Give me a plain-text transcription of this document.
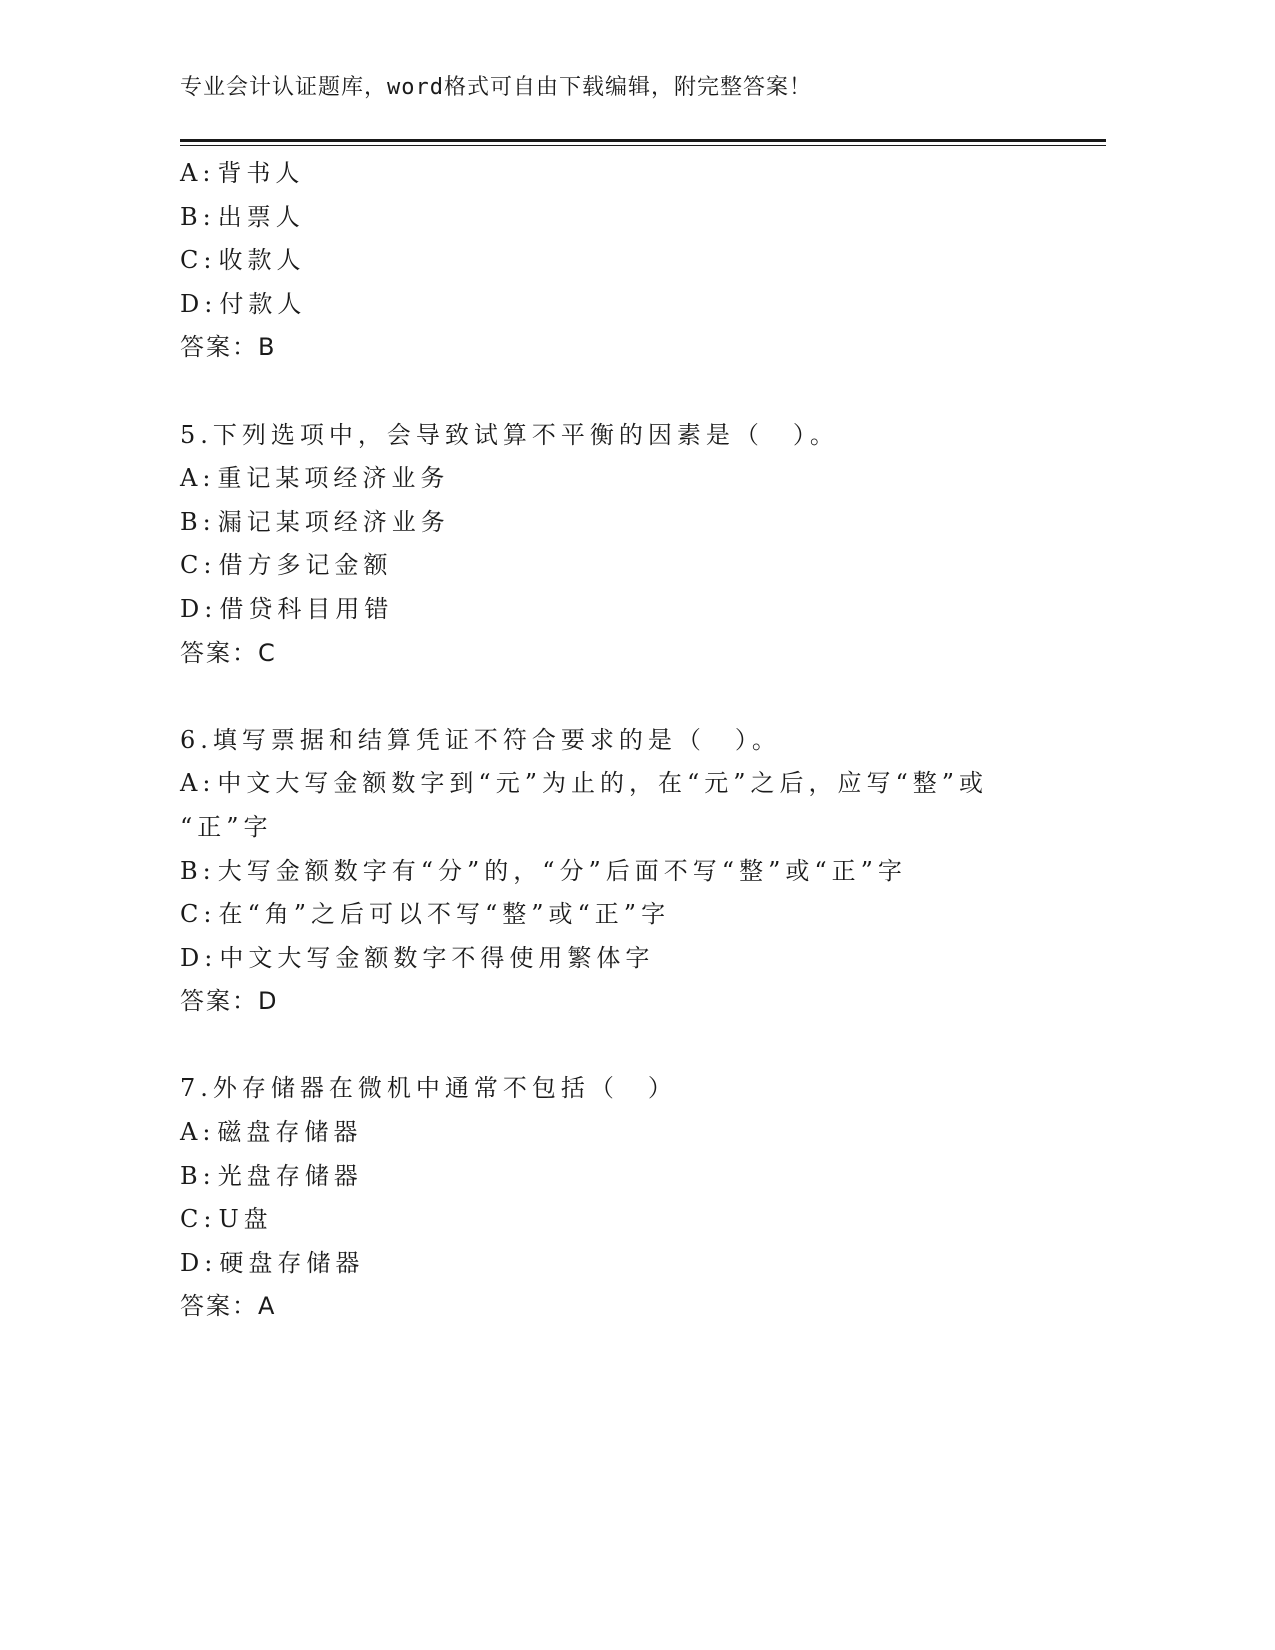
专业会计认证题库，word格式可自由下载编辑，附完整答案！
A:背书人
B:出票人
C:收款人
D:付款人
答案：B
5.下列选项中，会导致试算不平衡的因素是（　）。
A:重记某项经济业务
B:漏记某项经济业务
C:借方多记金额
D:借贷科目用错
答案：C
6.填写票据和结算凭证不符合要求的是（　）。
A:中文大写金额数字到“元”为止的，在“元”之后，应写“整”或
“正”字
B:大写金额数字有“分”的，“分”后面不写“整”或“正”字
C:在“角”之后可以不写“整”或“正”字
D:中文大写金额数字不得使用繁体字
答案：D
7.外存储器在微机中通常不包括（　）
A:磁盘存储器
B:光盘存储器
C:U盘
D:硬盘存储器
答案：A
